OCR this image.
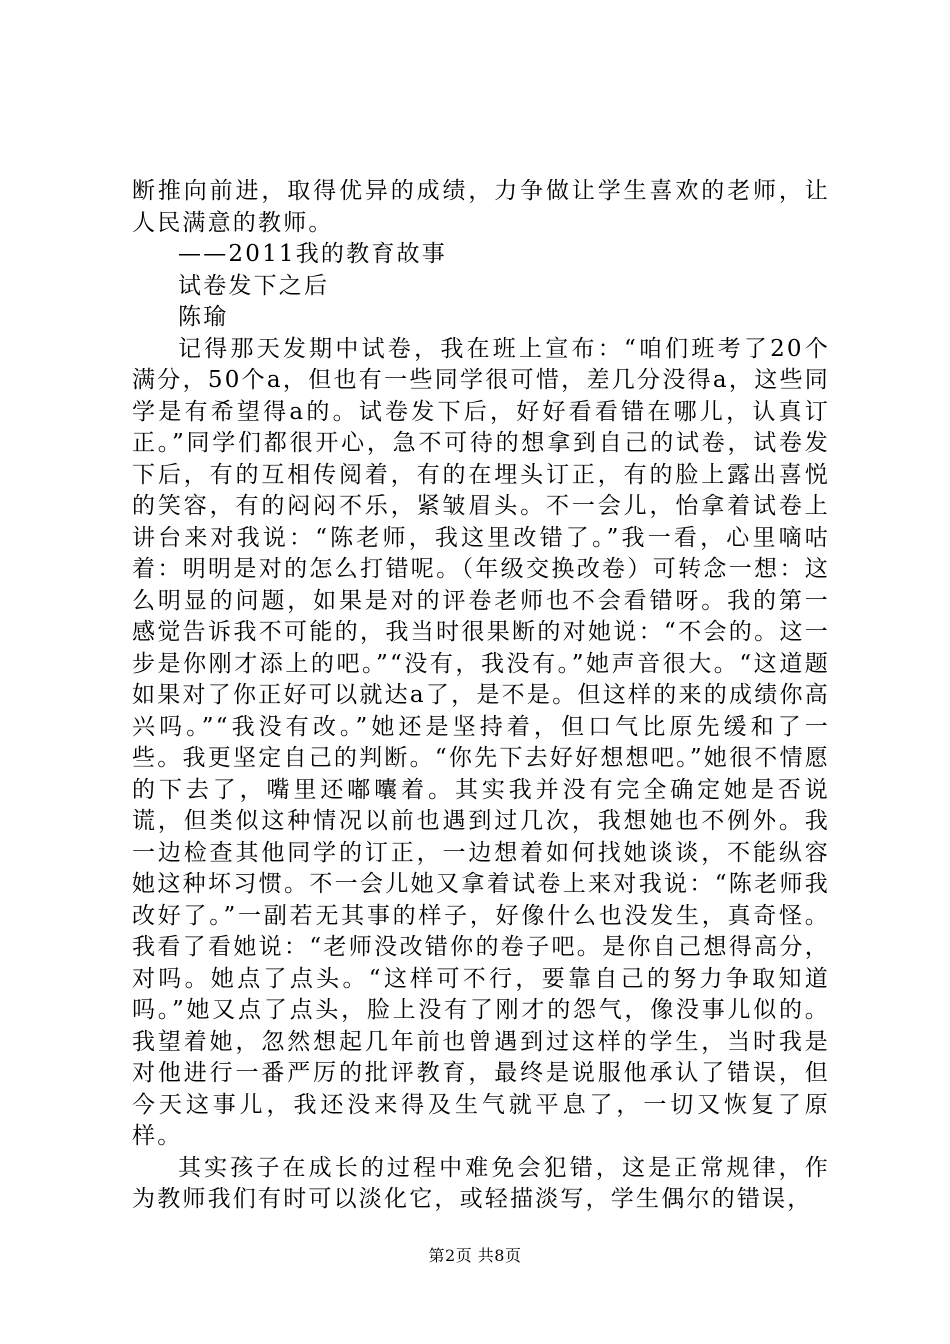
断推向前进，取得优异的成绩，力争做让学生喜欢的老师，让人民满意的教师。

——2011我的教育故事

试卷发下之后

陈瑜

记得那天发期中试卷，我在班上宣布：“咱们班考了20个满分，50个a，但也有一些同学很可惜，差几分没得a，这些同学是有希望得a的。试卷发下后，好好看看错在哪儿，认真订正。”同学们都很开心，急不可待的想拿到自己的试卷，试卷发下后，有的互相传阅着，有的在埋头订正，有的脸上露出喜悦的笑容，有的闷闷不乐，紧皱眉头。不一会儿，怡拿着试卷上讲台来对我说：“陈老师，我这里改错了。”我一看，心里嘀咕着：明明是对的怎么打错呢。（年级交换改卷）可转念一想：这么明显的问题，如果是对的评卷老师也不会看错呀。我的第一感觉告诉我不可能的，我当时很果断的对她说：“不会的。这一步是你刚才添上的吧。”“没有，我没有。”她声音很大。“这道题如果对了你正好可以就达a了，是不是。但这样的来的成绩你高兴吗。”“我没有改。”她还是坚持着，但口气比原先缓和了一些。我更坚定自己的判断。“你先下去好好想想吧。”她很不情愿的下去了，嘴里还嘟囔着。其实我并没有完全确定她是否说谎，但类似这种情况以前也遇到过几次，我想她也不例外。我一边检查其他同学的订正，一边想着如何找她谈谈，不能纵容她这种坏习惯。不一会儿她又拿着试卷上来对我说：“陈老师我改好了。”一副若无其事的样子，好像什么也没发生，真奇怪。我看了看她说：“老师没改错你的卷子吧。是你自己想得高分，对吗。她点了点头。“这样可不行，要靠自己的努力争取知道吗。”她又点了点头，脸上没有了刚才的怨气，像没事儿似的。我望着她，忽然想起几年前也曾遇到过这样的学生，当时我是对他进行一番严厉的批评教育，最终是说服他承认了错误，但今天这事儿，我还没来得及生气就平息了，一切又恢复了原样。

其实孩子在成长的过程中难免会犯错，这是正常规律，作为教师我们有时可以淡化它，或轻描淡写，学生偶尔的错误，

第2页 共8页
